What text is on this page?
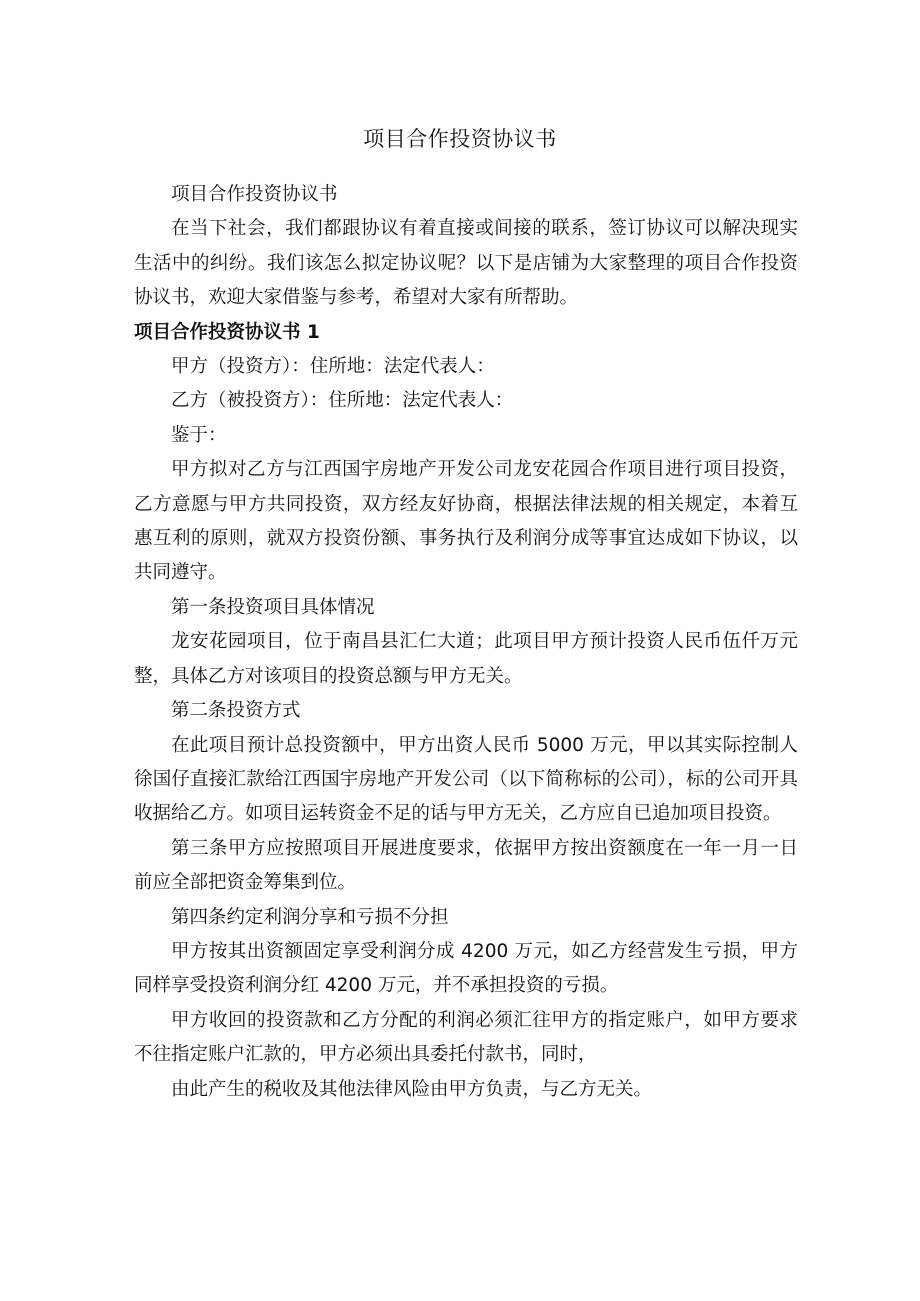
项目合作投资协议书

项目合作投资协议书

在当下社会，我们都跟协议有着直接或间接的联系，签订协议可以解决现实生活中的纠纷。我们该怎么拟定协议呢？以下是店铺为大家整理的项目合作投资协议书，欢迎大家借鉴与参考，希望对大家有所帮助。

项目合作投资协议书 1

甲方（投资方）：住所地：法定代表人：

乙方（被投资方）：住所地：法定代表人：

鉴于：

甲方拟对乙方与江西国宇房地产开发公司龙安花园合作项目进行项目投资，乙方意愿与甲方共同投资，双方经友好协商，根据法律法规的相关规定，本着互惠互利的原则，就双方投资份额、事务执行及利润分成等事宜达成如下协议，以共同遵守。

第一条投资项目具体情况

龙安花园项目，位于南昌县汇仁大道；此项目甲方预计投资人民币伍仟万元整，具体乙方对该项目的投资总额与甲方无关。

第二条投资方式

在此项目预计总投资额中，甲方出资人民币 5000 万元，甲以其实际控制人徐国仔直接汇款给江西国宇房地产开发公司（以下简称标的公司），标的公司开具收据给乙方。如项目运转资金不足的话与甲方无关，乙方应自已追加项目投资。

第三条甲方应按照项目开展进度要求，依据甲方按出资额度在一年一月一日前应全部把资金筹集到位。

第四条约定利润分享和亏损不分担

甲方按其出资额固定享受利润分成 4200 万元，如乙方经营发生亏损，甲方同样享受投资利润分红 4200 万元，并不承担投资的亏损。

甲方收回的投资款和乙方分配的利润必须汇往甲方的指定账户，如甲方要求不往指定账户汇款的，甲方必须出具委托付款书，同时，

由此产生的税收及其他法律风险由甲方负责，与乙方无关。
